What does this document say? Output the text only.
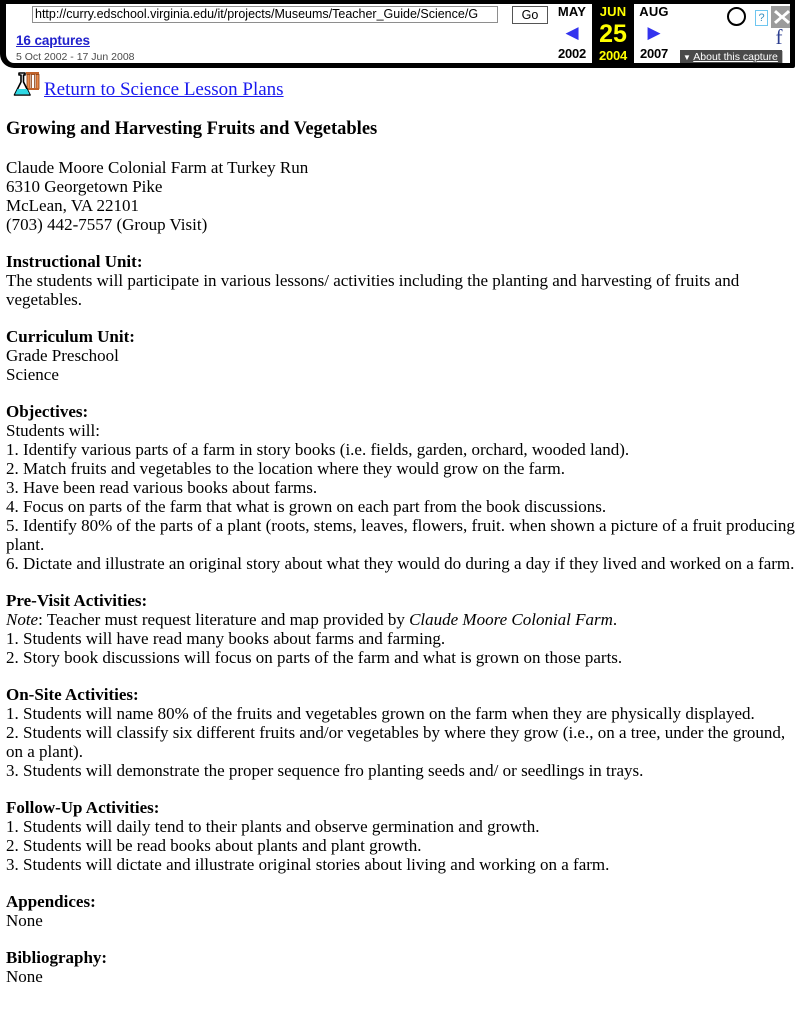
http://curry.edschool.virginia.edu/it/projects/Museums/Teacher_Guide/Science/G	Go
16 captures
5 Oct 2002 - 17 Jun 2008
MAY
◀
2002
JUN
25
2004
AUG
▶
2007
?
f
▼ About this capture
Return to Science Lesson Plans
Growing and Harvesting Fruits and Vegetables
Claude Moore Colonial Farm at Turkey Run
6310 Georgetown Pike
McLean, VA 22101
(703) 442-7557 (Group Visit)
Instructional Unit:
The students will participate in various lessons/ activities including the planting and harvesting of fruits and vegetables.
Curriculum Unit:
Grade Preschool
Science
Objectives:
Students will:
1. Identify various parts of a farm in story books (i.e. fields, garden, orchard, wooded land).
2. Match fruits and vegetables to the location where they would grow on the farm.
3. Have been read various books about farms.
4. Focus on parts of the farm that what is grown on each part from the book discussions.
5. Identify 80% of the parts of a plant (roots, stems, leaves, flowers, fruit. when shown a picture of a fruit producing plant.
6. Dictate and illustrate an original story about what they would do during a day if they lived and worked on a farm.
Pre-Visit Activities:
Note: Teacher must request literature and map provided by Claude Moore Colonial Farm.
1. Students will have read many books about farms and farming.
2. Story book discussions will focus on parts of the farm and what is grown on those parts.
On-Site Activities:
1. Students will name 80% of the fruits and vegetables grown on the farm when they are physically displayed.
2. Students will classify six different fruits and/or vegetables by where they grow (i.e., on a tree, under the ground, on a plant).
3. Students will demonstrate the proper sequence fro planting seeds and/ or seedlings in trays.
Follow-Up Activities:
1. Students will daily tend to their plants and observe germination and growth.
2. Students will be read books about plants and plant growth.
3. Students will dictate and illustrate original stories about living and working on a farm.
Appendices:
None
Bibliography:
None
